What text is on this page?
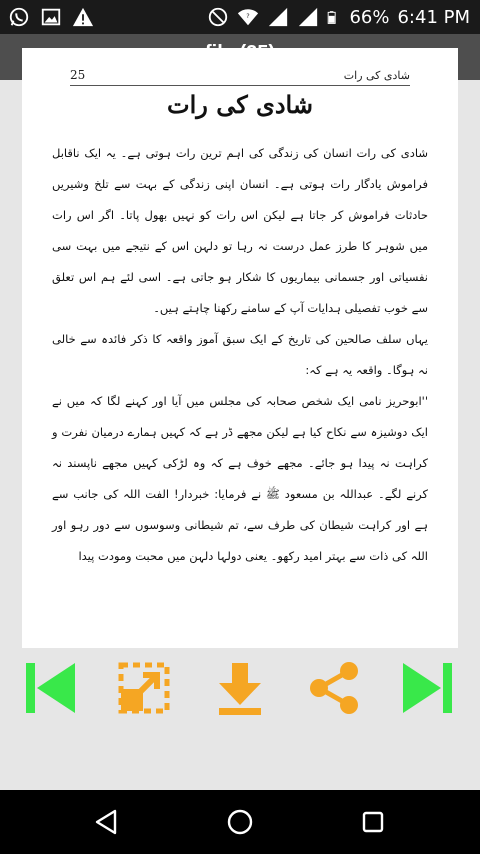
?	66% 6:41 PM
25	شادی کی رات
شادی کی رات

شادی کی رات انسان کی زندگی کی اہم ترین رات ہوتی ہے۔ یہ ایک ناقابل فراموش یادگار رات ہوتی ہے۔ انسان اپنی زندگی کے بہت سے تلخ وشیریں حادثات فراموش کر جاتا ہے لیکن اس رات کو نہیں بھول پاتا۔ اگر اس رات میں شوہر کا طرز عمل درست نہ رہا تو دلہن اس کے نتیجے میں بہت سی نفسیاتی اور جسمانی بیماریوں کا شکار ہو جاتی ہے۔ اسی لئے ہم اس تعلق سے خوب تفصیلی ہدایات آپ کے سامنے رکھنا چاہتے ہیں۔

یہاں سلف صالحین کی تاریخ کے ایک سبق آموز واقعہ کا ذکر فائدہ سے خالی نہ ہوگا۔ واقعہ یہ ہے کہ:

''ابوحریز نامی ایک شخص صحابہ کی مجلس میں آیا اور کہنے لگا کہ میں نے ایک دوشیزہ سے نکاح کیا ہے لیکن مجھے ڈر ہے کہ کہیں ہمارے درمیان نفرت و کراہت نہ پیدا ہو جائے۔ مجھے خوف ہے کہ وہ لڑکی کہیں مجھے ناپسند نہ کرنے لگے۔ عبداللہ بن مسعود ﷺ نے فرمایا: خبردار! الفت اللہ کی جانب سے ہے اور کراہت شیطان کی طرف سے، تم شیطانی وسوسوں سے دور رہو اور اللہ کی ذات سے بہتر امید رکھو۔ یعنی دولہا دلہن میں محبت ومودت پیدا
